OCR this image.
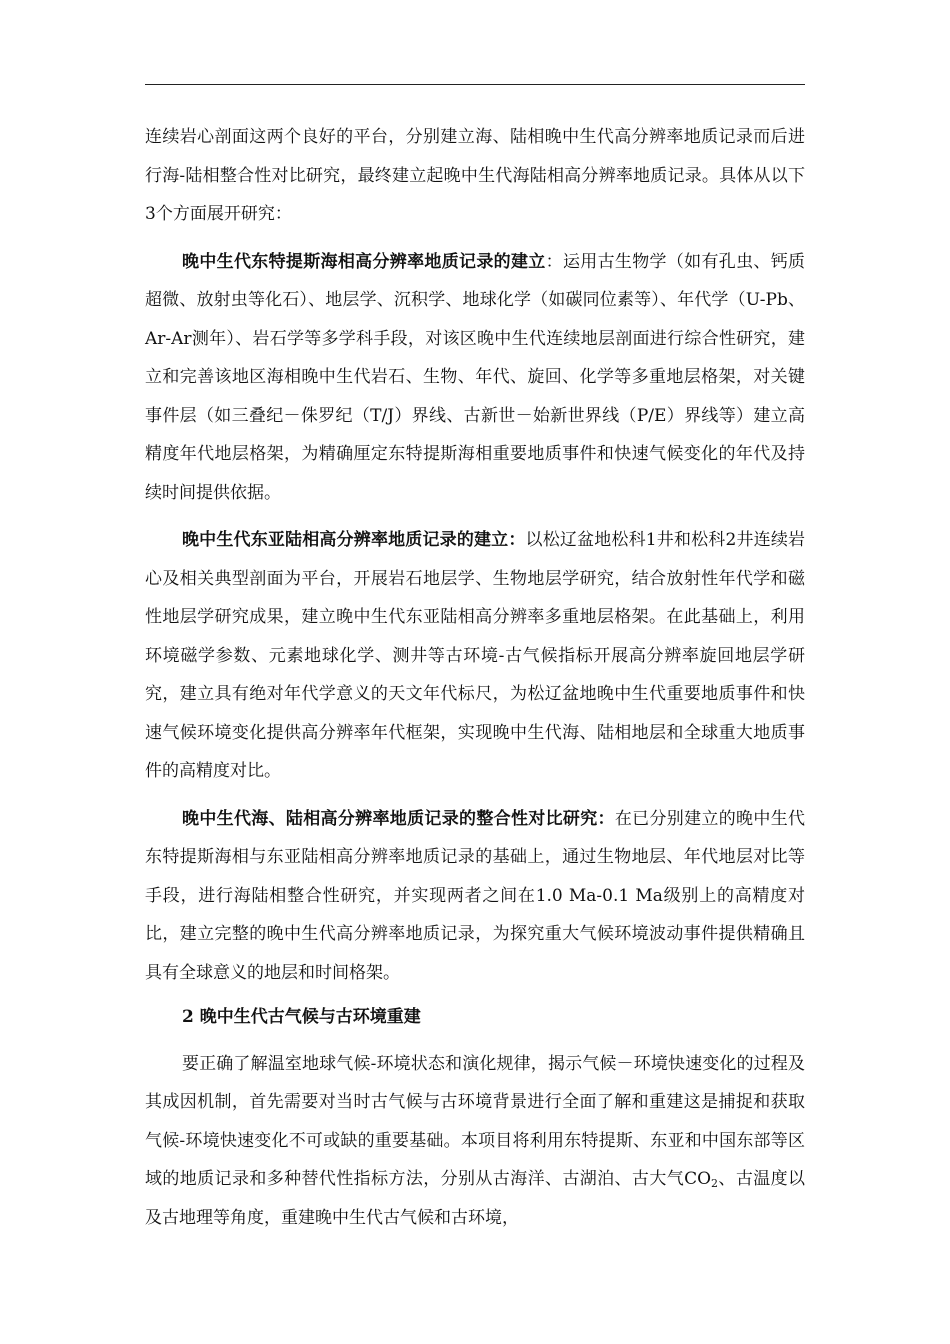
连续岩心剖面这两个良好的平台，分别建立海、陆相晚中生代高分辨率地质记录而后进行海-陆相整合性对比研究，最终建立起晚中生代海陆相高分辨率地质记录。具体从以下3个方面展开研究：

晚中生代东特提斯海相高分辨率地质记录的建立：运用古生物学（如有孔虫、钙质超微、放射虫等化石）、地层学、沉积学、地球化学（如碳同位素等）、年代学（U-Pb、Ar-Ar测年）、岩石学等多学科手段，对该区晚中生代连续地层剖面进行综合性研究，建立和完善该地区海相晚中生代岩石、生物、年代、旋回、化学等多重地层格架，对关键事件层（如三叠纪－侏罗纪（T/J）界线、古新世－始新世界线（P/E）界线等）建立高精度年代地层格架，为精确厘定东特提斯海相重要地质事件和快速气候变化的年代及持续时间提供依据。

晚中生代东亚陆相高分辨率地质记录的建立：以松辽盆地松科1井和松科2井连续岩心及相关典型剖面为平台，开展岩石地层学、生物地层学研究，结合放射性年代学和磁性地层学研究成果，建立晚中生代东亚陆相高分辨率多重地层格架。在此基础上，利用环境磁学参数、元素地球化学、测井等古环境-古气候指标开展高分辨率旋回地层学研究，建立具有绝对年代学意义的天文年代标尺，为松辽盆地晚中生代重要地质事件和快速气候环境变化提供高分辨率年代框架，实现晚中生代海、陆相地层和全球重大地质事件的高精度对比。

晚中生代海、陆相高分辨率地质记录的整合性对比研究：在已分别建立的晚中生代东特提斯海相与东亚陆相高分辨率地质记录的基础上，通过生物地层、年代地层对比等手段，进行海陆相整合性研究，并实现两者之间在1.0 Ma-0.1 Ma级别上的高精度对比，建立完整的晚中生代高分辨率地质记录，为探究重大气候环境波动事件提供精确且具有全球意义的地层和时间格架。

2 晚中生代古气候与古环境重建

要正确了解温室地球气候-环境状态和演化规律，揭示气候－环境快速变化的过程及其成因机制，首先需要对当时古气候与古环境背景进行全面了解和重建这是捕捉和获取气候-环境快速变化不可或缺的重要基础。本项目将利用东特提斯、东亚和中国东部等区域的地质记录和多种替代性指标方法，分别从古海洋、古湖泊、古大气$CO_2$、古温度以及古地理等角度，重建晚中生代古气候和古环境，
